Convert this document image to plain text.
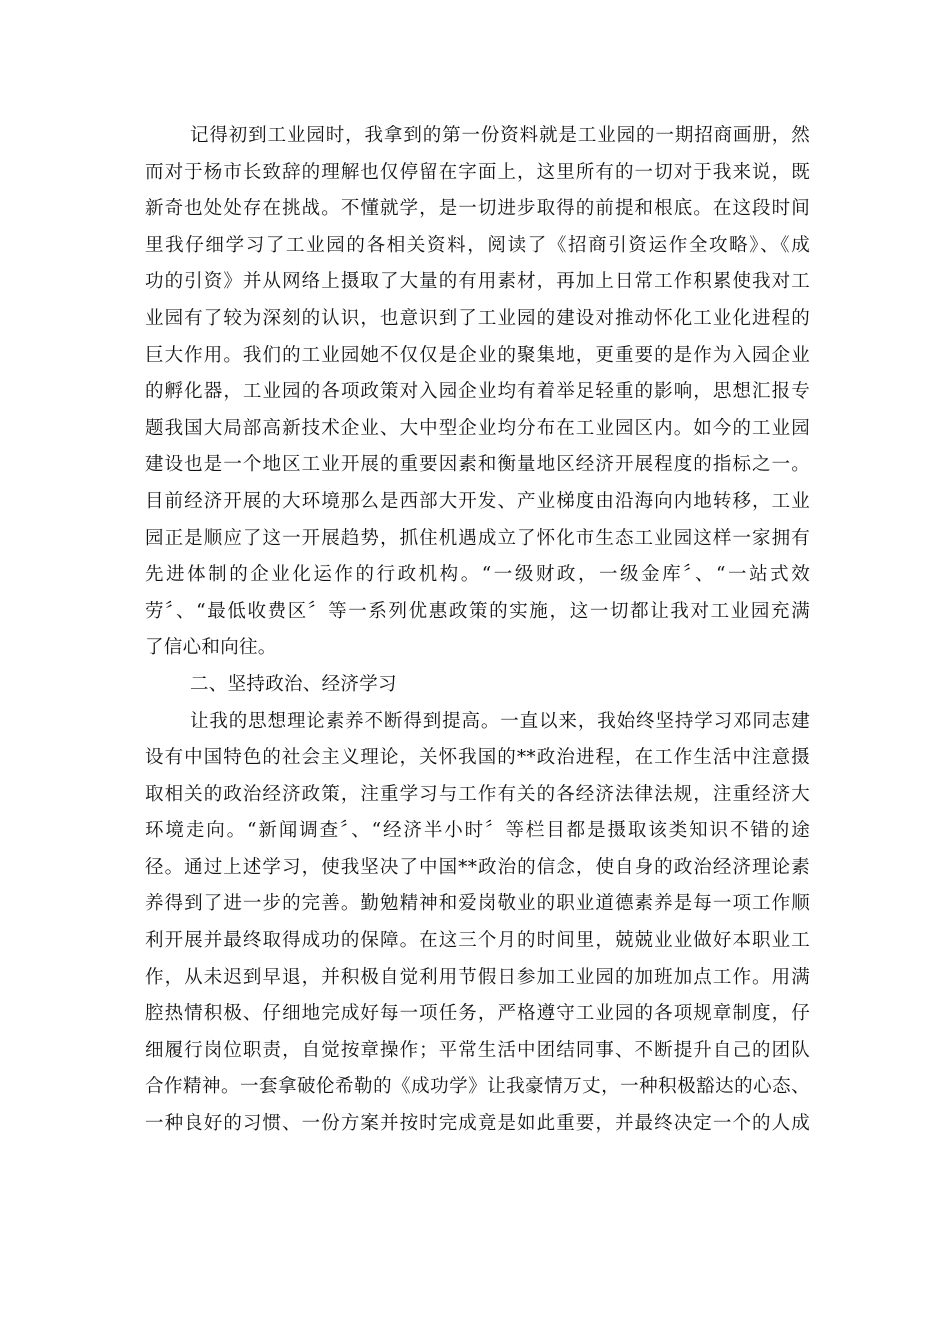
记得初到工业园时，我拿到的第一份资料就是工业园的一期招商画册，然
而对于杨市长致辞的理解也仅停留在字面上，这里所有的一切对于我来说，既
新奇也处处存在挑战。不懂就学，是一切进步取得的前提和根底。在这段时间
里我仔细学习了工业园的各相关资料，阅读了《招商引资运作全攻略》、《成
功的引资》并从网络上摄取了大量的有用素材，再加上日常工作积累使我对工
业园有了较为深刻的认识，也意识到了工业园的建设对推动怀化工业化进程的
巨大作用。我们的工业园她不仅仅是企业的聚集地，更重要的是作为入园企业
的孵化器，工业园的各项政策对入园企业均有着举足轻重的影响，思想汇报专
题我国大局部高新技术企业、大中型企业均分布在工业园区内。如今的工业园
建设也是一个地区工业开展的重要因素和衡量地区经济开展程度的指标之一。
目前经济开展的大环境那么是西部大开发、产业梯度由沿海向内地转移，工业
园正是顺应了这一开展趋势，抓住机遇成立了怀化市生态工业园这样一家拥有
先进体制的企业化运作的行政机构。“一级财政，一级金库〞、“一站式效
劳〞、“最低收费区〞等一系列优惠政策的实施，这一切都让我对工业园充满
了信心和向往。
二、坚持政治、经济学习
让我的思想理论素养不断得到提高。一直以来，我始终坚持学习邓同志建
设有中国特色的社会主义理论，关怀我国的**政治进程，在工作生活中注意摄
取相关的政治经济政策，注重学习与工作有关的各经济法律法规，注重经济大
环境走向。“新闻调查〞、“经济半小时〞等栏目都是摄取该类知识不错的途
径。通过上述学习，使我坚决了中国**政治的信念，使自身的政治经济理论素
养得到了进一步的完善。勤勉精神和爱岗敬业的职业道德素养是每一项工作顺
利开展并最终取得成功的保障。在这三个月的时间里，兢兢业业做好本职业工
作，从未迟到早退，并积极自觉利用节假日参加工业园的加班加点工作。用满
腔热情积极、仔细地完成好每一项任务，严格遵守工业园的各项规章制度，仔
细履行岗位职责，自觉按章操作；平常生活中团结同事、不断提升自己的团队
合作精神。一套拿破伦希勒的《成功学》让我豪情万丈，一种积极豁达的心态、
一种良好的习惯、一份方案并按时完成竟是如此重要，并最终决定一个的人成
